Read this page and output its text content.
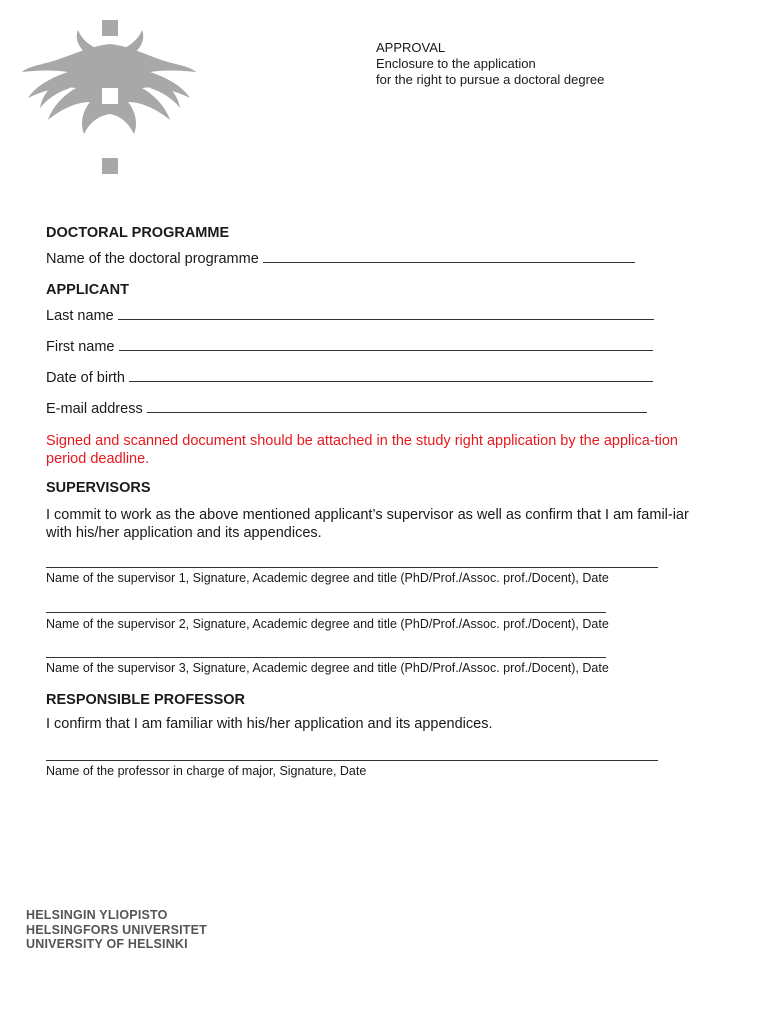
APPROVAL
Enclosure to the application
for the right to pursue a doctoral degree
DOCTORAL PROGRAMME
Name of the doctoral programme
APPLICANT
Last name
First name
Date of birth
E-mail address
Signed and scanned document should be attached in the study right application by the applica-tion period deadline.
SUPERVISORS
I commit to work as the above mentioned applicant’s supervisor as well as confirm that I am famil-iar with his/her application and its appendices.
Name of the supervisor 1, Signature, Academic degree and title (PhD/Prof./Assoc. prof./Docent), Date
Name of the supervisor 2, Signature, Academic degree and title (PhD/Prof./Assoc. prof./Docent), Date
Name of the supervisor 3, Signature, Academic degree and title (PhD/Prof./Assoc. prof./Docent), Date
RESPONSIBLE PROFESSOR
I confirm that I am familiar with his/her application and its appendices.
Name of the professor in charge of major, Signature, Date
HELSINGIN YLIOPISTO
HELSINGFORS UNIVERSITET
UNIVERSITY OF HELSINKI
